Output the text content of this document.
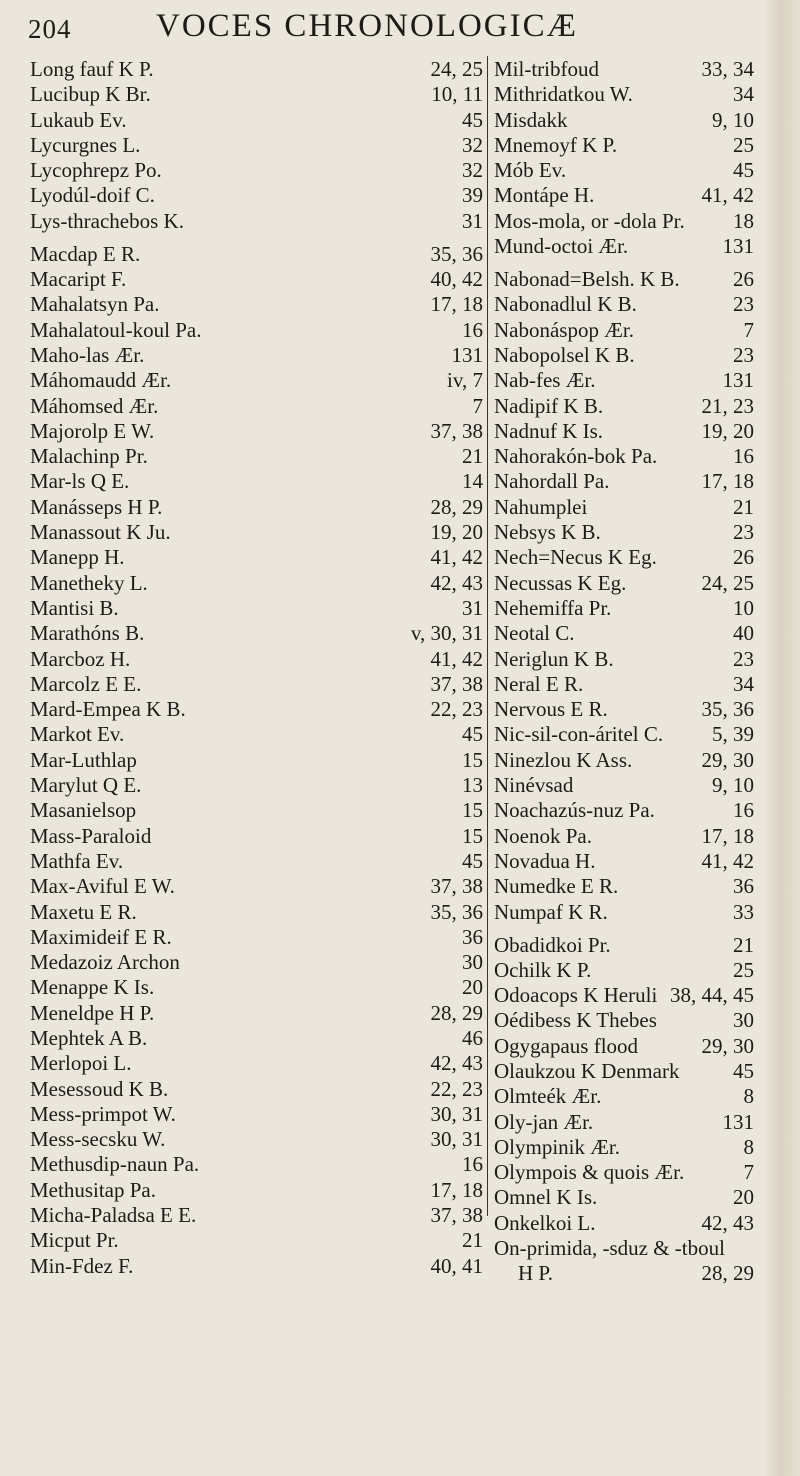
204	VOCES CHRONOLOGICÆ
Long fauf K P.	24, 25
Lucibup K Br.	10, 11
Lukaub Ev.	45
Lycurgnes L.	32
Lycophrepz Po.	32
Lyodúl-doif C.	39
Lys-thrachebos K.	31
Macdap E R.	35, 36
Macaript F.	40, 42
Mahalatsyn Pa.	17, 18
Mahalatoul-koul Pa.	16
Maho-las Ær.	131
Máhomaudd Ær.	iv, 7
Máhomsed Ær.	7
Majorolp E W.	37, 38
Malachinp Pr.	21
Mar-ls Q E.	14
Manásseps H P.	28, 29
Manassout K Ju.	19, 20
Manepp H.	41, 42
Manetheky L.	42, 43
Mantisi B.	31
Marathóns B.	v, 30, 31
Marcboz H.	41, 42
Marcolz E E.	37, 38
Mard-Empea K B.	22, 23
Markot Ev.	45
Mar-Luthlap	15
Marylut Q E.	13
Masanielsop	15
Mass-Paraloid	15
Mathfa Ev.	45
Max-Aviful E W.	37, 38
Maxetu E R.	35, 36
Maximideif E R.	36
Medazoiz Archon	30
Menappe K Is.	20
Meneldpe H P.	28, 29
Mephtek A B.	46
Merlopoi L.	42, 43
Mesessoud K B.	22, 23
Mess-primpot W.	30, 31
Mess-secsku W.	30, 31
Methusdip-naun Pa.	16
Methusitap Pa.	17, 18
Micha-Paladsa E E.	37, 38
Micput Pr.	21
Min-Fdez F.	40, 41
Mil-tribfoud	33, 34
Mithridatkou W.	34
Misdakk	9, 10
Mnemoyf K P.	25
Mób Ev.	45
Montápe H.	41, 42
Mos-mola, or -dola Pr. 18
Mund-octoi Ær.	131
Nabonad=Belsh. K B.	26
Nabonadlul K B.	23
Nabonáspop Ær.	7
Nabopolsel K B.	23
Nab-fes Ær.	131
Nadipif K B.	21, 23
Nadnuf K Is.	19, 20
Nahorakón-bok Pa.	16
Nahordall Pa.	17, 18
Nahumplei	21
Nebsys K B.	23
Nech=Necus K Eg.	26
Necussas K Eg.	24, 25
Nehemiffa Pr.	10
Neotal C.	40
Neriglun K B.	23
Neral E R.	34
Nervous E R.	35, 36
Nic-sil-con-áritel C. 5, 39
Ninezlou K Ass.	29, 30
Ninévsad	9, 10
Noachazús-nuz Pa.	16
Noenok Pa.	17, 18
Novadua H.	41, 42
Numedke E R.	36
Numpaf K R.	33
Obadidkoi Pr.	21
Ochilk K P.	25
Odoacops K Heruli 38, 44, 45
Oédibess K Thebes	30
Ogygapaus flood	29, 30
Olaukzou K Denmark	45
Olmteék Ær.	8
Oly-jan Ær.	131
Olympinik Ær.	8
Olympois & quois Ær.	7
Omnel K Is.	20
Onkelkoi L.	42, 43
On-primida, -sduz & -tboul
H P.	28, 29
